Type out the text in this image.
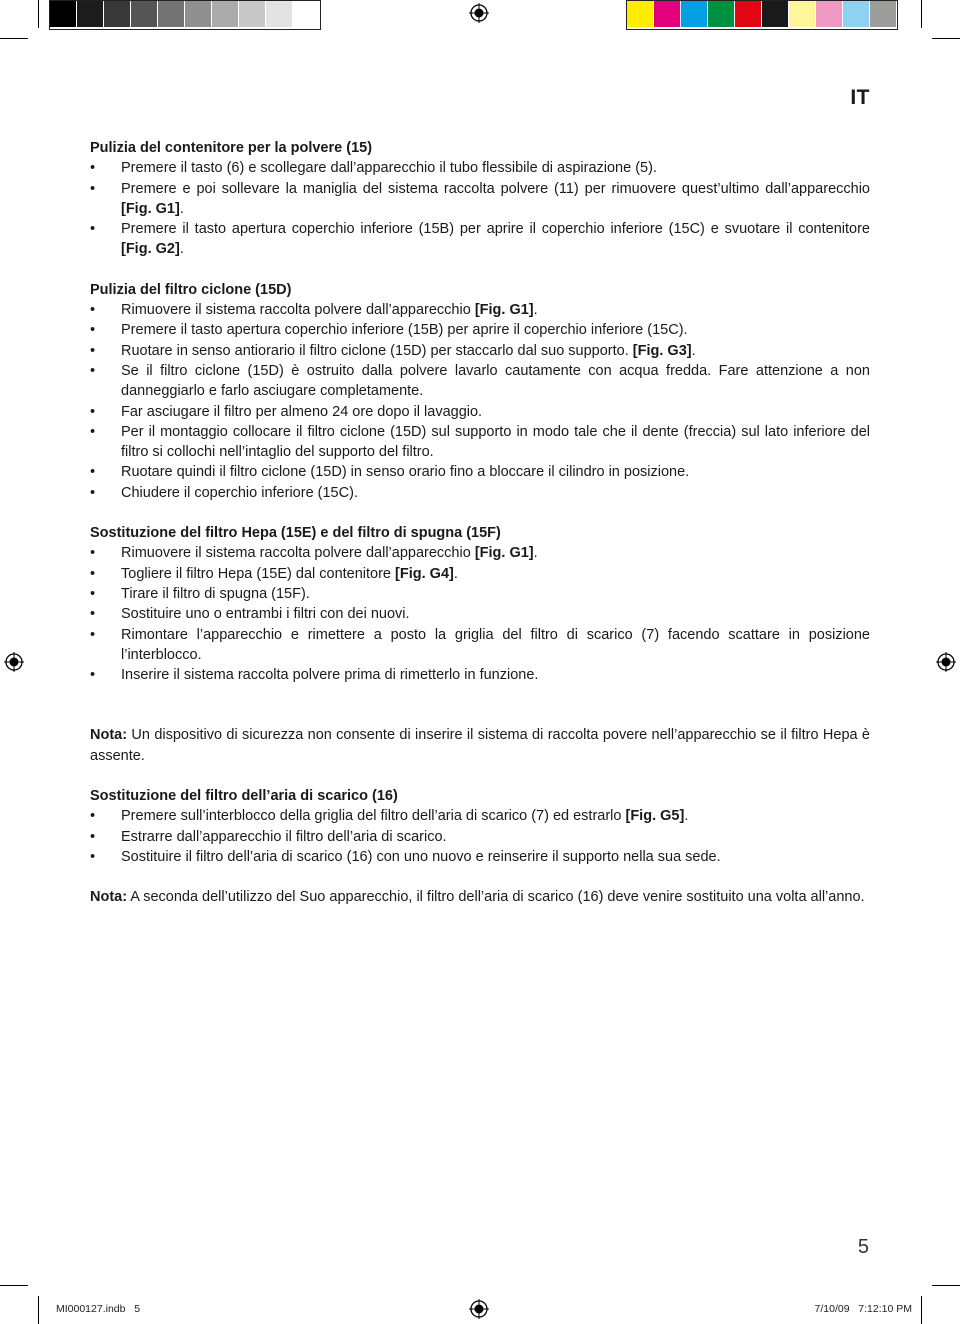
IT
Pulizia del contenitore per la polvere (15)
• Premere il tasto (6) e scollegare dall’apparecchio il tubo flessibile di aspirazione (5).
• Premere e poi sollevare la maniglia del sistema raccolta polvere (11) per rimuovere quest’ultimo dall’apparecchio [Fig. G1].
• Premere il tasto apertura coperchio inferiore (15B) per aprire il coperchio inferiore (15C) e svuotare il contenitore [Fig. G2].
Pulizia del filtro ciclone (15D)
• Rimuovere il sistema raccolta polvere dall’apparecchio [Fig. G1].
• Premere il tasto apertura coperchio inferiore (15B) per aprire il coperchio inferiore (15C).
• Ruotare in senso antiorario il filtro ciclone (15D) per staccarlo dal suo supporto. [Fig. G3].
• Se il filtro ciclone (15D) è ostruito dalla polvere lavarlo cautamente con acqua fredda. Fare attenzione a non danneggiarlo e farlo asciugare completamente.
• Far asciugare il filtro per almeno 24 ore dopo il lavaggio.
• Per il montaggio collocare il filtro ciclone (15D) sul supporto in modo tale che il dente (freccia) sul lato inferiore del filtro si collochi nell’intaglio del supporto del filtro.
• Ruotare quindi il filtro ciclone (15D) in senso orario fino a bloccare il cilindro in posizione.
• Chiudere il coperchio inferiore (15C).
Sostituzione del filtro Hepa (15E) e del filtro di spugna (15F)
• Rimuovere il sistema raccolta polvere dall’apparecchio [Fig. G1].
• Togliere il filtro Hepa (15E) dal contenitore [Fig. G4].
• Tirare il filtro di spugna (15F).
• Sostituire uno o entrambi i filtri con dei nuovi.
• Rimontare l’apparecchio e rimettere a posto la griglia del filtro di scarico (7) facendo scattare in posizione l’interblocco.
• Inserire il sistema raccolta polvere prima di rimetterlo in funzione.

Nota: Un dispositivo di sicurezza non consente di inserire il sistema di raccolta povere nell’apparecchio se il filtro Hepa è assente.

Sostituzione del filtro dell’aria di scarico (16)
• Premere sull’interblocco della griglia del filtro dell’aria di scarico (7) ed estrarlo [Fig. G5].
• Estrarre dall’apparecchio il filtro dell’aria di scarico.
• Sostituire il filtro dell’aria di scarico (16) con uno nuovo e reinserire il supporto nella sua sede.

Nota: A seconda dell’utilizzo del Suo apparecchio, il filtro dell’aria di scarico (16) deve venire sostituito una volta all’anno.

5
MI000127.indb   5	7/10/09   7:12:10 PM
